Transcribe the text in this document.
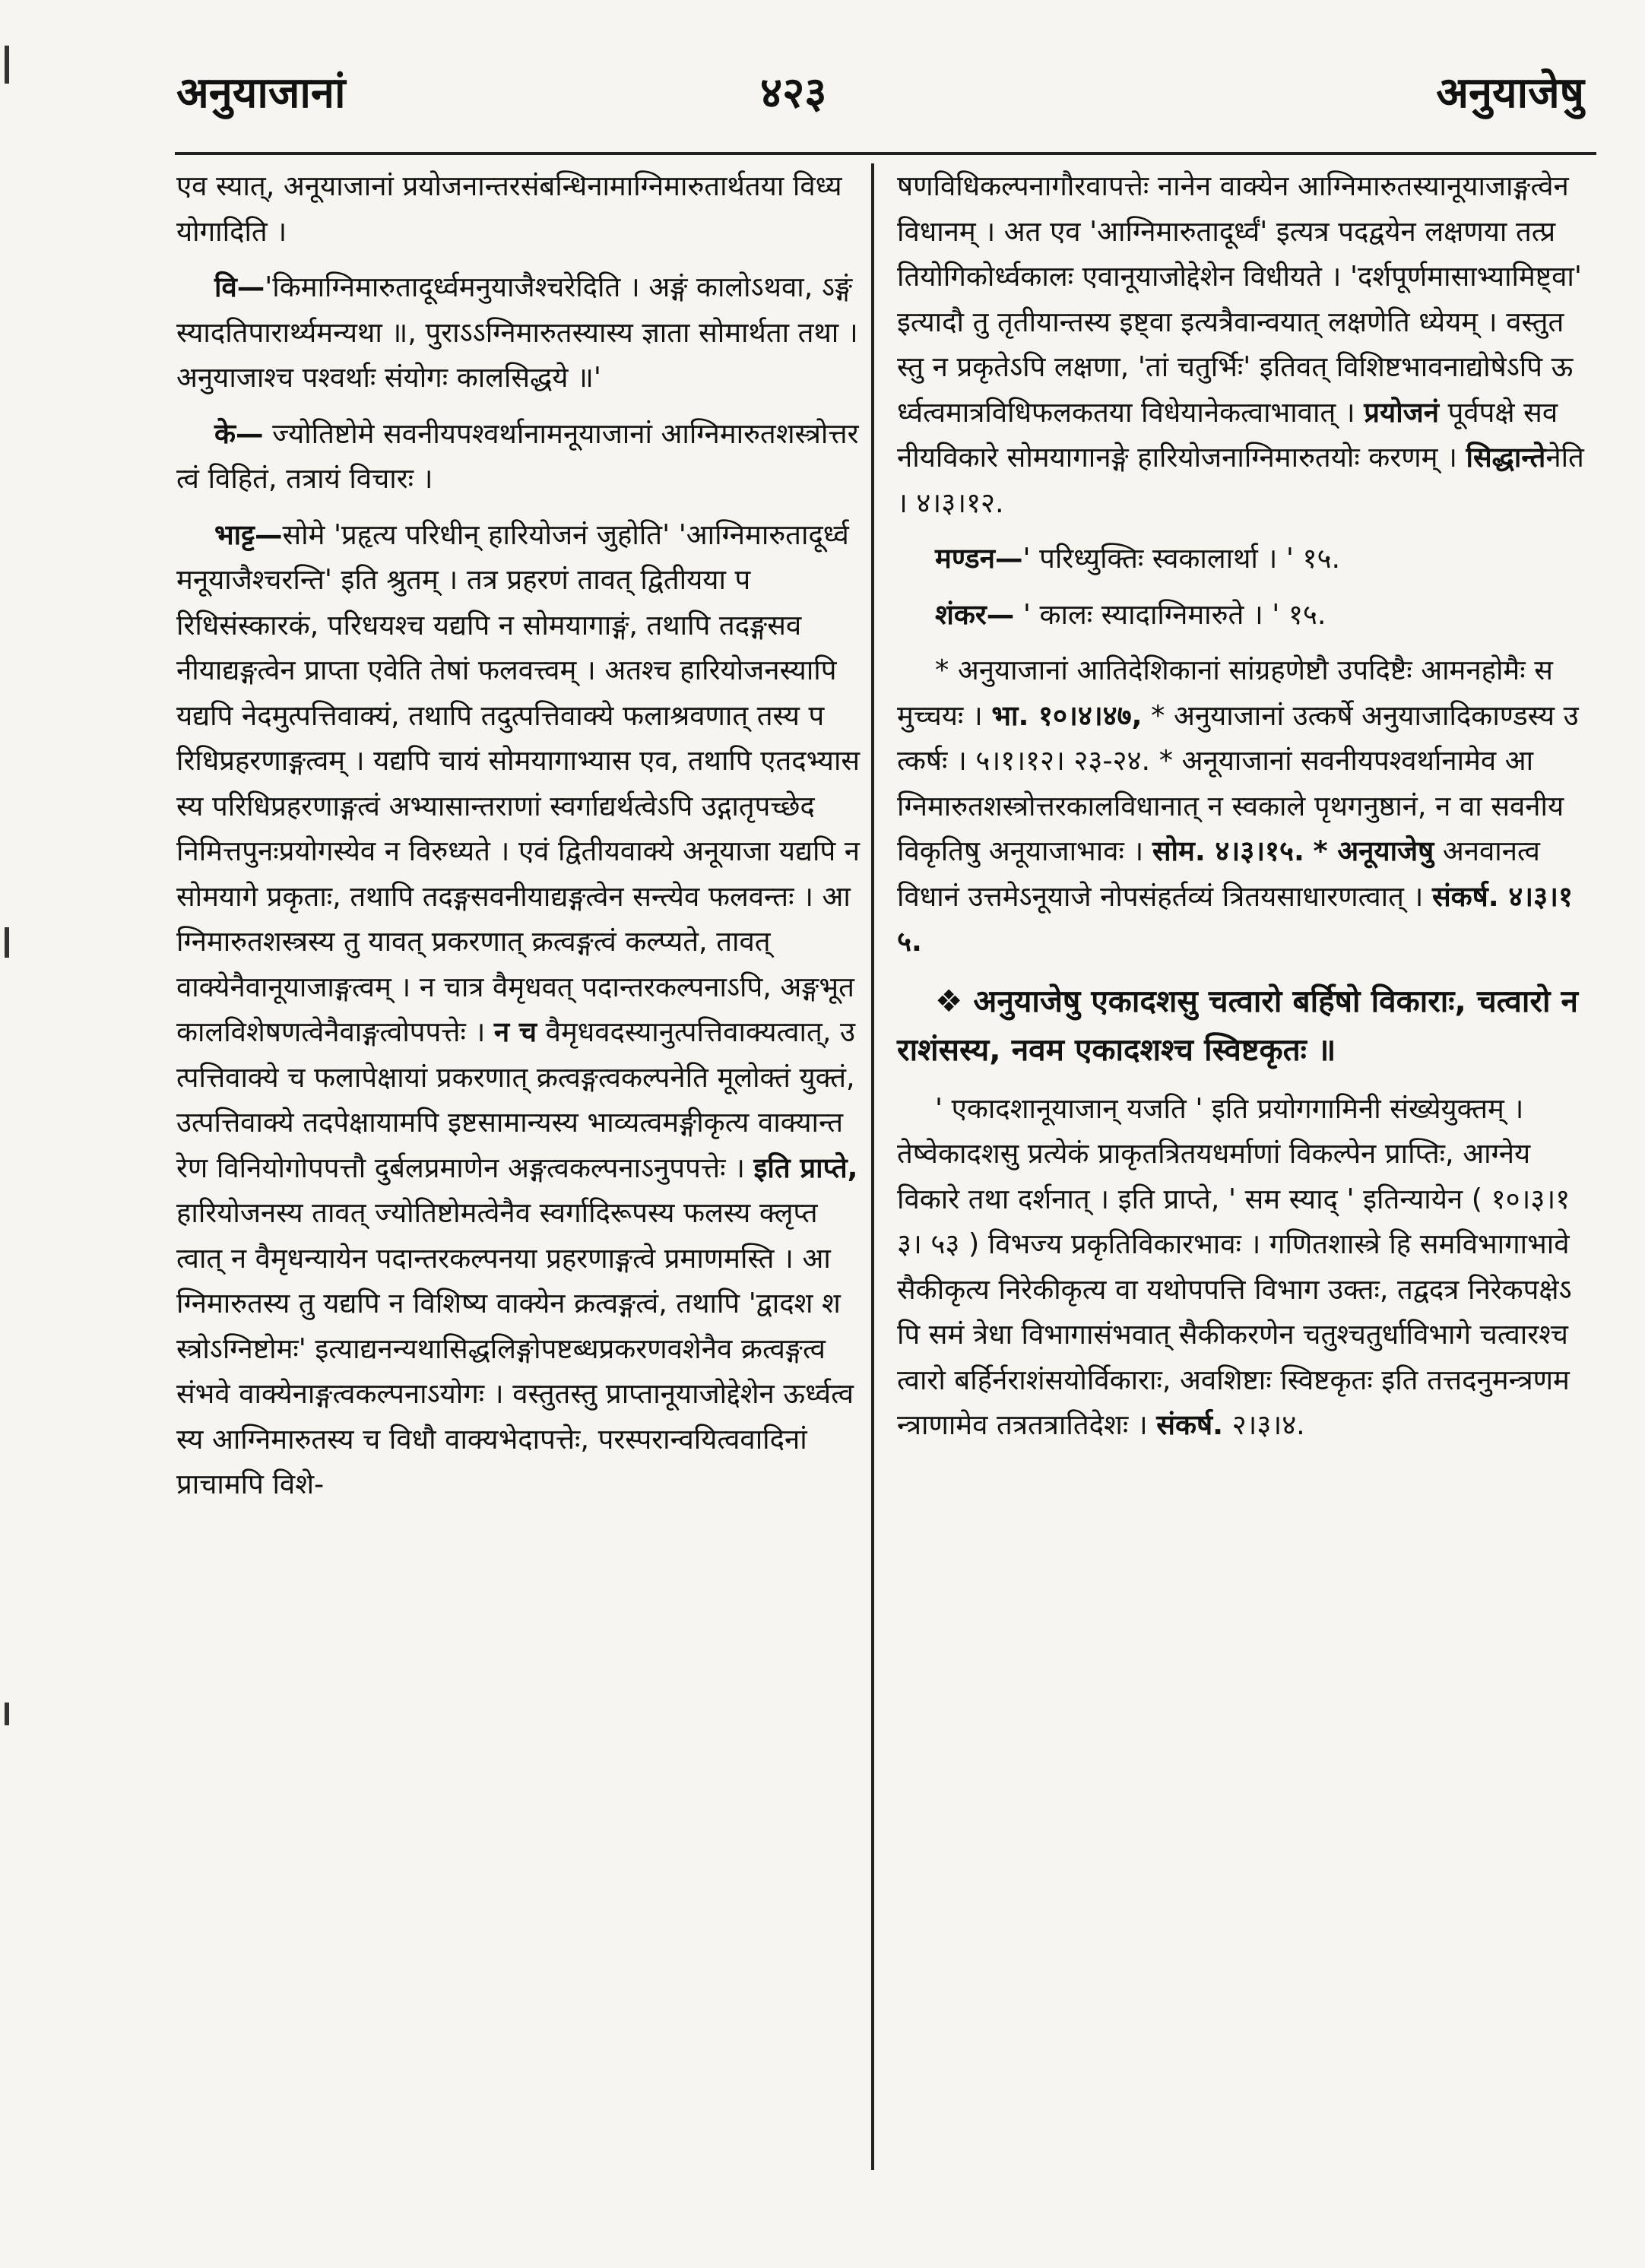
अनुयाजानां	४२३	अनुयाजेषु

एव स्यात्, अनूयाजानां प्रयोजनान्तरसंबन्धिनामाग्निमारुतार्थतया विध्ययोगादिति ।

वि—'किमाग्निमारुतादूर्ध्वमनुयाजैश्चरेदिति । अङ्गं कालोऽथवा, ऽङ्गं स्यादतिपारार्थ्यमन्यथा ॥, पुराऽऽग्निमारुतस्यास्य ज्ञाता सोमार्थता तथा । अनुयाजाश्च पश्वर्थाः संयोगः कालसिद्धये ॥'

के— ज्योतिष्टोमे सवनीयपश्वर्थानामनूयाजानां आग्निमारुतशस्त्रोत्तरत्वं विहितं, तत्रायं विचारः ।

भाट्ट—सोमे 'प्रहृत्य परिधीन् हारियोजनं जुहोति' 'आग्निमारुतादूर्ध्वमनूयाजैश्चरन्ति' इति श्रुतम् । तत्र प्रहरणं तावत् द्वितीयया परिधिसंस्कारकं, परिधयश्च यद्यपि न सोमयागाङ्गं, तथापि तदङ्गसवनीयाद्यङ्गत्वेन प्राप्ता एवेति तेषां फलवत्त्वम् । अतश्च हारियोजनस्यापि यद्यपि नेदमुत्पत्तिवाक्यं, तथापि तदुत्पत्तिवाक्ये फलाश्रवणात् तस्य परिधिप्रहरणाङ्गत्वम् । यद्यपि चायं सोमयागाभ्यास एव, तथापि एतदभ्यासस्य परिधिप्रहरणाङ्गत्वं अभ्यासान्तराणां स्वर्गाद्यर्थत्वेऽपि उद्गातृपच्छेदनिमित्तपुनःप्रयोगस्येव न विरुध्यते । एवं द्वितीयवाक्ये अनूयाजा यद्यपि न सोमयागे प्रकृताः, तथापि तदङ्गसवनीयाद्यङ्गत्वेन सन्त्येव फलवन्तः । आग्निमारुतशस्त्रस्य तु यावत् प्रकरणात् क्रत्वङ्गत्वं कल्प्यते, तावत् वाक्येनैवानूयाजाङ्गत्वम् । न चात्र वैमृधवत् पदान्तरकल्पनाऽपि, अङ्गभूतकालविशेषणत्वेनैवाङ्गत्वोपपत्तेः । न च वैमृधवदस्यानुत्पत्तिवाक्यत्वात्, उत्पत्तिवाक्ये च फलापेक्षायां प्रकरणात् क्रत्वङ्गत्वकल्पनेति मूलोक्तं युक्तं, उत्पत्तिवाक्ये तदपेक्षायामपि इष्टसामान्यस्य भाव्यत्वमङ्गीकृत्य वाक्यान्तरेण विनियोगोपपत्तौ दुर्बलप्रमाणेन अङ्गत्वकल्पनाऽनुपपत्तेः । इति प्राप्ते, हारियोजनस्य तावत् ज्योतिष्टोमत्वेनैव स्वर्गादिरूपस्य फलस्य क्लृप्तत्वात् न वैमृधन्यायेन पदान्तरकल्पनया प्रहरणाङ्गत्वे प्रमाणमस्ति । आग्निमारुतस्य तु यद्यपि न विशिष्य वाक्येन क्रत्वङ्गत्वं, तथापि 'द्वादश शस्त्रोऽग्निष्टोमः' इत्याद्यनन्यथासिद्धलिङ्गोपष्टब्धप्रकरणवशेनैव क्रत्वङ्गत्वसंभवे वाक्येनाङ्गत्वकल्पनाऽयोगः । वस्तुतस्तु प्राप्तानूयाजोद्देशेन ऊर्ध्वत्वस्य आग्निमारुतस्य च विधौ वाक्यभेदापत्तेः, परस्परान्वयित्ववादिनां प्राचामपि विशे-

षणविधिकल्पनागौरवापत्तेः नानेन वाक्येन आग्निमारुतस्यानूयाजाङ्गत्वेन विधानम् । अत एव 'आग्निमारुतादूर्ध्वं' इत्यत्र पदद्वयेन लक्षणया तत्प्रतियोगिकोर्ध्वकालः एवानूयाजोद्देशेन विधीयते । 'दर्शपूर्णमासाभ्यामिष्ट्वा' इत्यादौ तु तृतीयान्तस्य इष्ट्वा इत्यत्रैवान्वयात् लक्षणेति ध्येयम् । वस्तुतस्तु न प्रकृतेऽपि लक्षणा, 'तां चतुर्भिः' इतिवत् विशिष्टभावनाद्योषेऽपि ऊर्ध्वत्वमात्रविधिफलकतया विधेयानेकत्वाभावात् । प्रयोजनं पूर्वपक्षे सवनीयविकारे सोमयागानङ्गे हारियोजनाग्निमारुतयोः करणम् । सिद्धान्तेनेति । ४।३।१२.

मण्डन—' परिध्युक्तिः स्वकालार्था । ' १५.

शंकर— ' कालः स्यादाग्निमारुते । ' १५.

* अनुयाजानां आतिदेशिकानां सांग्रहणेष्टौ उपदिष्टैः आमनहोमैः समुच्चयः । भा. १०।४।४७, * अनुयाजानां उत्कर्षे अनुयाजादिकाण्डस्य उत्कर्षः । ५।१।१२। २३-२४. * अनूयाजानां सवनीयपश्वर्थानामेव आग्निमारुतशस्त्रोत्तरकालविधानात् न स्वकाले पृथगनुष्ठानं, न वा सवनीयविकृतिषु अनूयाजाभावः । सोम. ४।३।१५. * अनूयाजेषु अनवानत्वविधानं उत्तमेऽनूयाजे नोपसंहर्तव्यं त्रितयसाधारणत्वात् । संकर्ष. ४।३।१५.

❖ अनुयाजेषु एकादशसु चत्वारो बर्हिषो विकाराः, चत्वारो नराशंसस्य, नवम एकादशश्च स्विष्टकृतः ॥

' एकादशानूयाजान् यजति ' इति प्रयोगगामिनी संख्येयुक्तम् । तेष्वेकादशसु प्रत्येकं प्राकृतत्रितयधर्माणां विकल्पेन प्राप्तिः, आग्नेयविकारे तथा दर्शनात् । इति प्राप्ते, ' सम स्याद् ' इतिन्यायेन ( १०।३।१३। ५३ ) विभज्य प्रकृतिविकारभावः । गणितशास्त्रे हि समविभागाभावे सैकीकृत्य निरेकीकृत्य वा यथोपपत्ति विभाग उक्तः, तद्वदत्र निरेकपक्षेऽपि समं त्रेधा विभागासंभवात् सैकीकरणेन चतुश्चतुर्धाविभागे चत्वारश्चत्वारो बर्हिर्नराशंसयोर्विकाराः, अवशिष्टाः स्विष्टकृतः इति तत्तदनुमन्त्रणमन्त्राणामेव तत्रतत्रातिदेशः । संकर्ष. २।३।४.
